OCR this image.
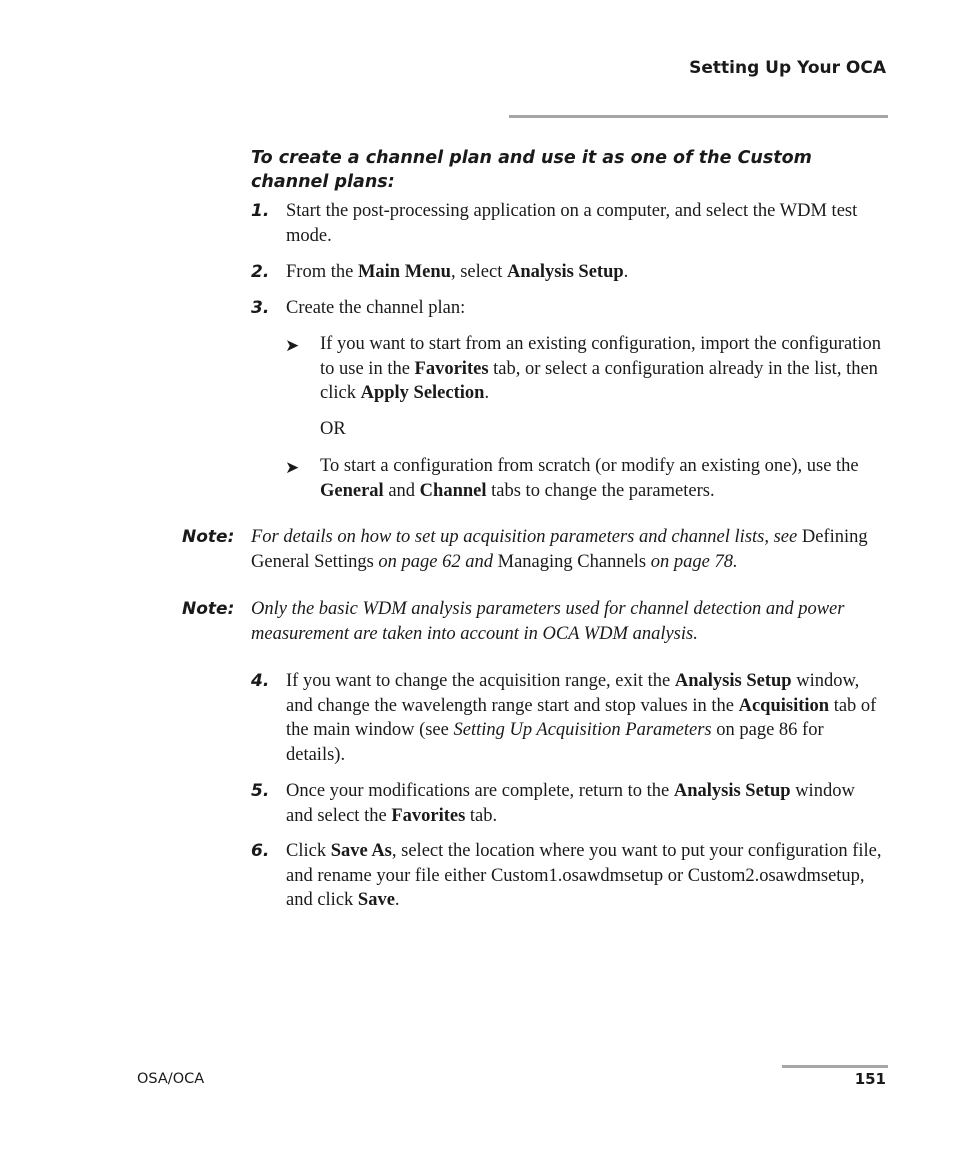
Setting Up Your OCA
To create a channel plan and use it as one of the Custom channel plans:
1. Start the post-processing application on a computer, and select the WDM test mode.
2. From the Main Menu, select Analysis Setup.
3. Create the channel plan:
➤ If you want to start from an existing configuration, import the configuration to use in the Favorites tab, or select a configuration already in the list, then click Apply Selection.
OR
➤ To start a configuration from scratch (or modify an existing one), use the General and Channel tabs to change the parameters.
Note: For details on how to set up acquisition parameters and channel lists, see Defining General Settings on page 62 and Managing Channels on page 78.
Note: Only the basic WDM analysis parameters used for channel detection and power measurement are taken into account in OCA WDM analysis.
4. If you want to change the acquisition range, exit the Analysis Setup window, and change the wavelength range start and stop values in the Acquisition tab of the main window (see Setting Up Acquisition Parameters on page 86 for details).
5. Once your modifications are complete, return to the Analysis Setup window and select the Favorites tab.
6. Click Save As, select the location where you want to put your configuration file, and rename your file either Custom1.osawdmsetup or Custom2.osawdmsetup, and click Save.
OSA/OCA	151
